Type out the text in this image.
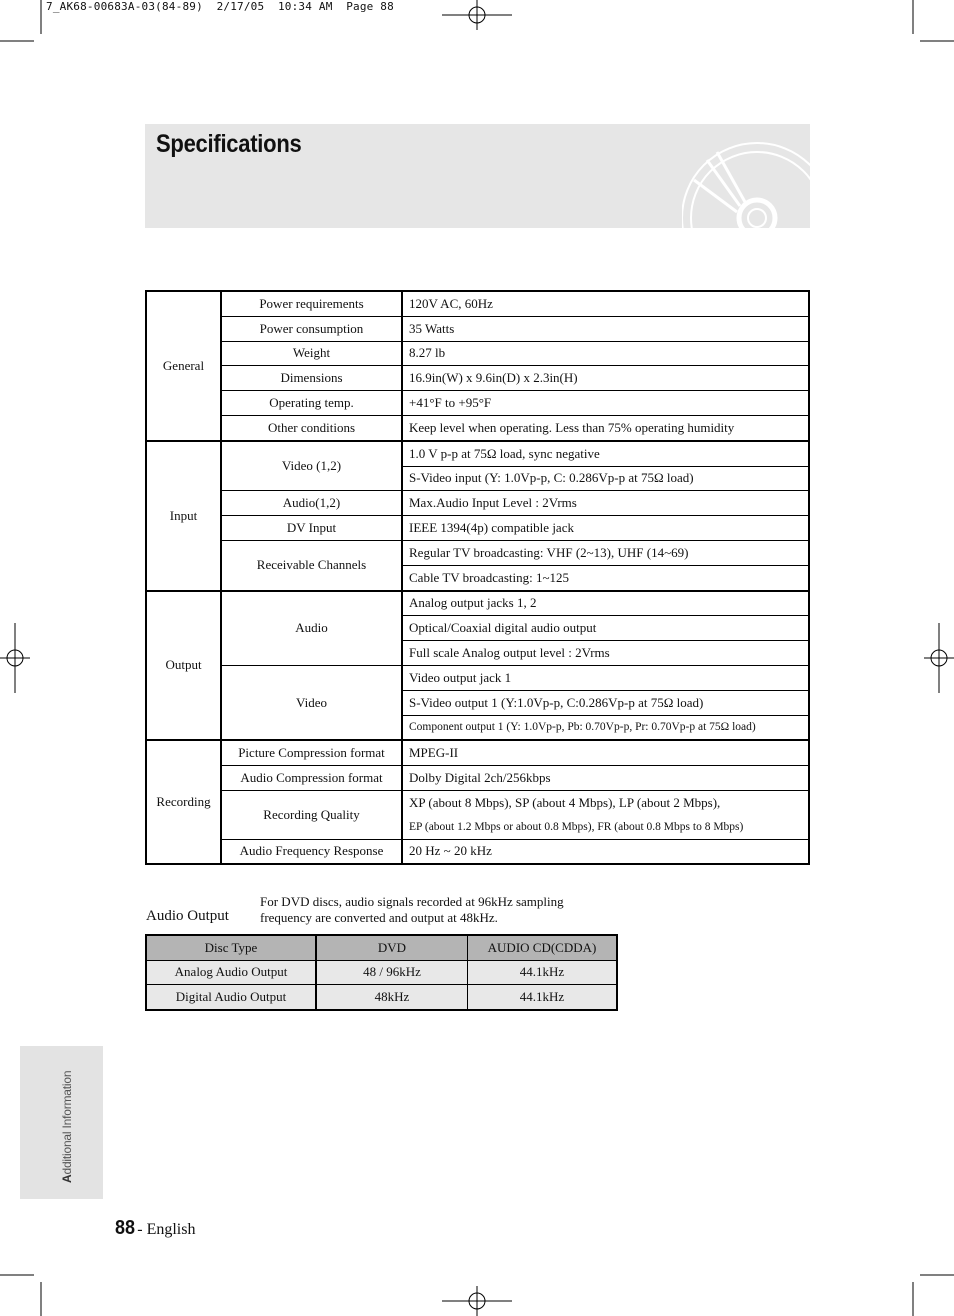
7_AK68-00683A-03(84-89)  2/17/05  10:34 AM  Page 88
Specifications
General	Power requirements	120V AC, 60Hz
	Power consumption	35 Watts
	Weight	8.27 lb
	Dimensions	16.9in(W) x 9.6in(D) x 2.3in(H)
	Operating temp.	+41°F to +95°F
	Other conditions	Keep level when operating. Less than 75% operating humidity
Input	Video (1,2)	1.0 V p-p at 75Ω load, sync negative
		S-Video input (Y: 1.0Vp-p, C: 0.286Vp-p at 75Ω load)
	Audio(1,2)	Max.Audio Input Level : 2Vrms
	DV Input	IEEE 1394(4p) compatible jack
	Receivable Channels	Regular TV broadcasting: VHF (2~13), UHF (14~69)
		Cable TV broadcasting: 1~125
Output	Audio	Analog output jacks 1, 2
		Optical/Coaxial digital audio output
		Full scale Analog output level : 2Vrms
	Video	Video output jack 1
		S-Video output 1 (Y:1.0Vp-p, C:0.286Vp-p at 75Ω load)
		Component output 1 (Y: 1.0Vp-p, Pb: 0.70Vp-p, Pr: 0.70Vp-p at 75Ω load)
Recording	Picture Compression format	MPEG-II
	Audio Compression format	Dolby Digital 2ch/256kbps
	Recording Quality	XP (about 8 Mbps), SP (about 4 Mbps), LP (about 2 Mbps),
		EP (about 1.2 Mbps or about 0.8 Mbps), FR (about 0.8 Mbps to 8 Mbps)
	Audio Frequency Response	20 Hz ~ 20 kHz
Audio Output
For DVD discs, audio signals recorded at 96kHz sampling frequency are converted and output at 48kHz.
Disc Type	DVD	AUDIO CD(CDDA)
Analog Audio Output	48 / 96kHz	44.1kHz
Digital Audio Output	48kHz	44.1kHz
Additional Information
88 - English
